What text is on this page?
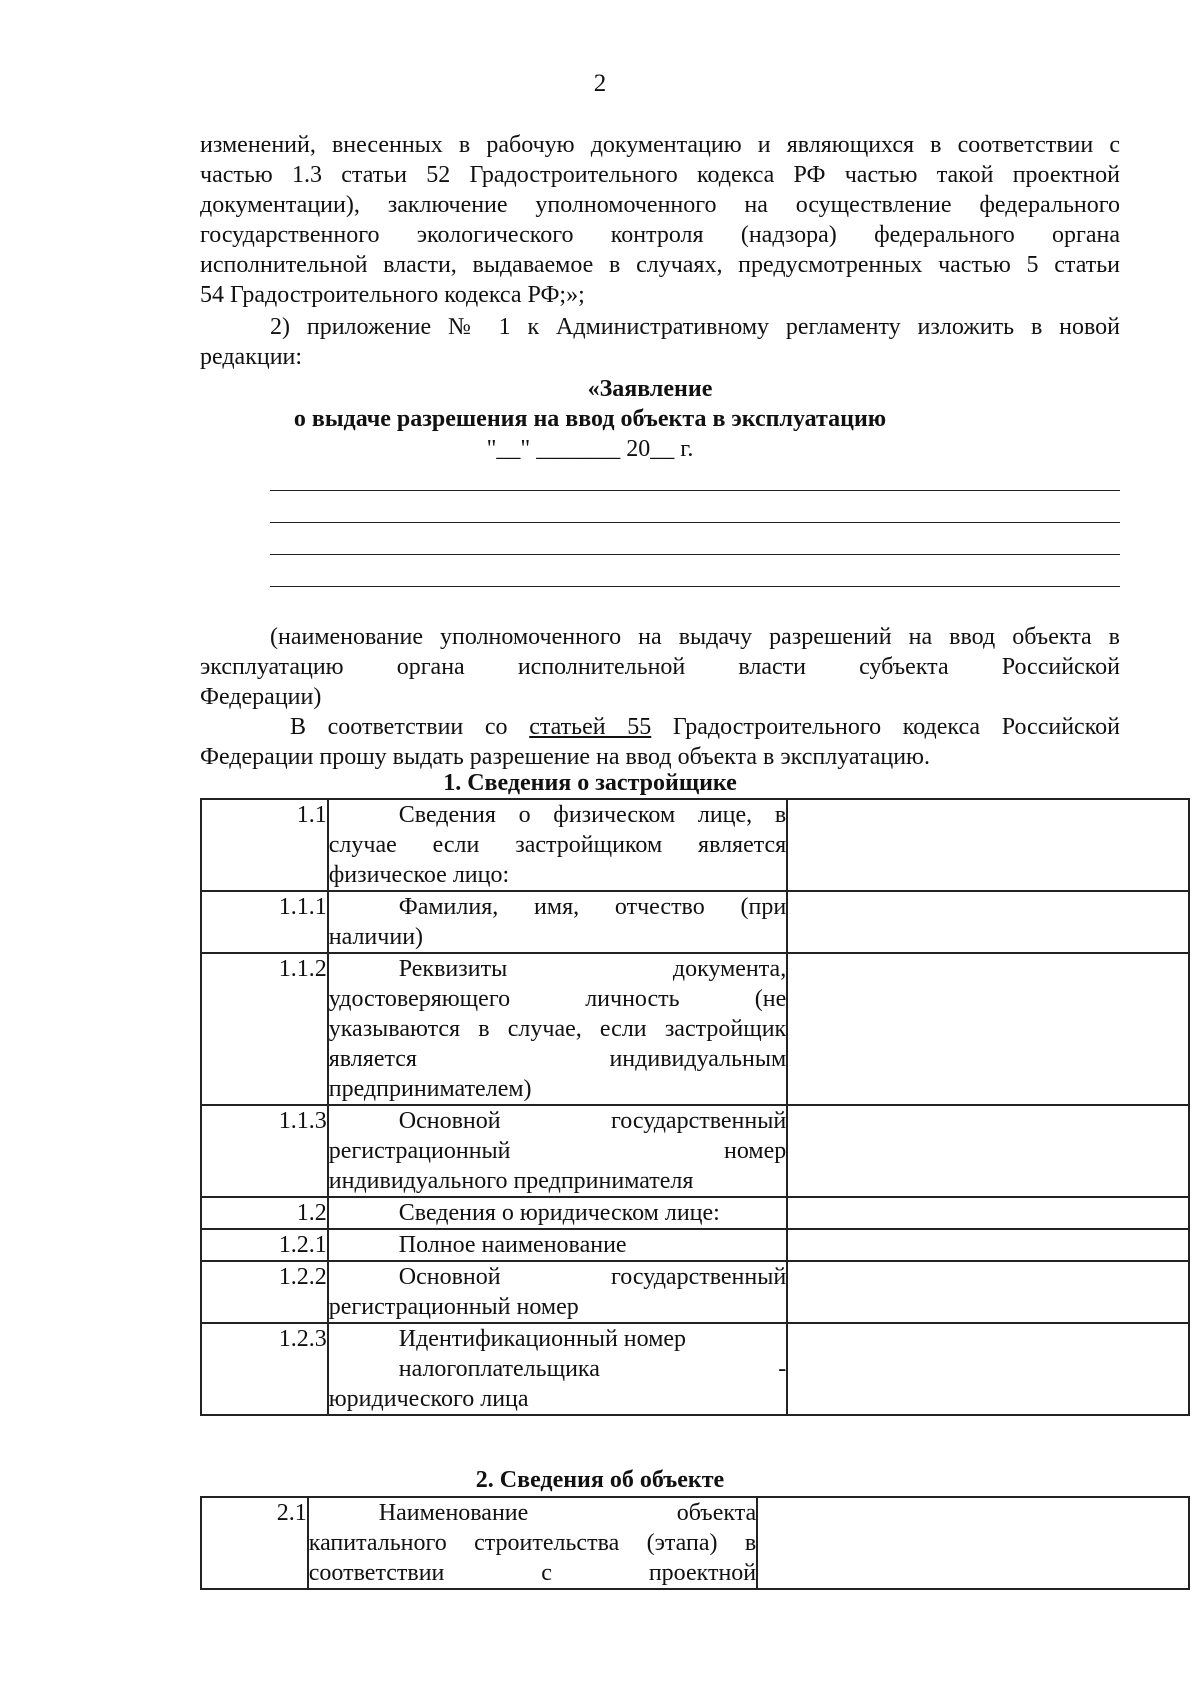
2
изменений, внесенных в рабочую документацию и являющихся в соответствии с
частью 1.3 статьи 52 Градостроительного кодекса РФ частью такой проектной
документации), заключение уполномоченного на осуществление федерального
государственного экологического контроля (надзора) федерального органа
исполнительной власти, выдаваемое в случаях, предусмотренных частью 5 статьи
54 Градостроительного кодекса РФ;»;
2) приложение № 1 к Административному регламенту изложить в новой
редакции:
«Заявление
о выдаче разрешения на ввод объекта в эксплуатацию
"__" _______ 20__ г.
(наименование уполномоченного на выдачу разрешений на ввод объекта в
эксплуатацию органа исполнительной власти субъекта Российской
Федерации)
В соответствии со статьей 55 Градостроительного кодекса Российской
Федерации прошу выдать разрешение на ввод объекта в эксплуатацию.
1. Сведения о застройщике
1.1	Сведения о физическом лице, в
случае если застройщиком является
физическое лицо:	

1.1.1	Фамилия, имя, отчество (при
наличии)	

1.1.2	Реквизиты документа,
удостоверяющего личность (не
указываются в случае, если застройщик
является индивидуальным
предпринимателем)	

1.1.3	Основной государственный
регистрационный номер
индивидуального предпринимателя	

1.2	Сведения о юридическом лице:	

1.2.1	Полное наименование	

1.2.2	Основной государственный
регистрационный номер	

1.2.3	Идентификационный номер
налогоплательщика -
юридического лица	

2. Сведения об объекте
2.1	Наименование объекта
капитального строительства (этапа) в
соответствии с проектной
